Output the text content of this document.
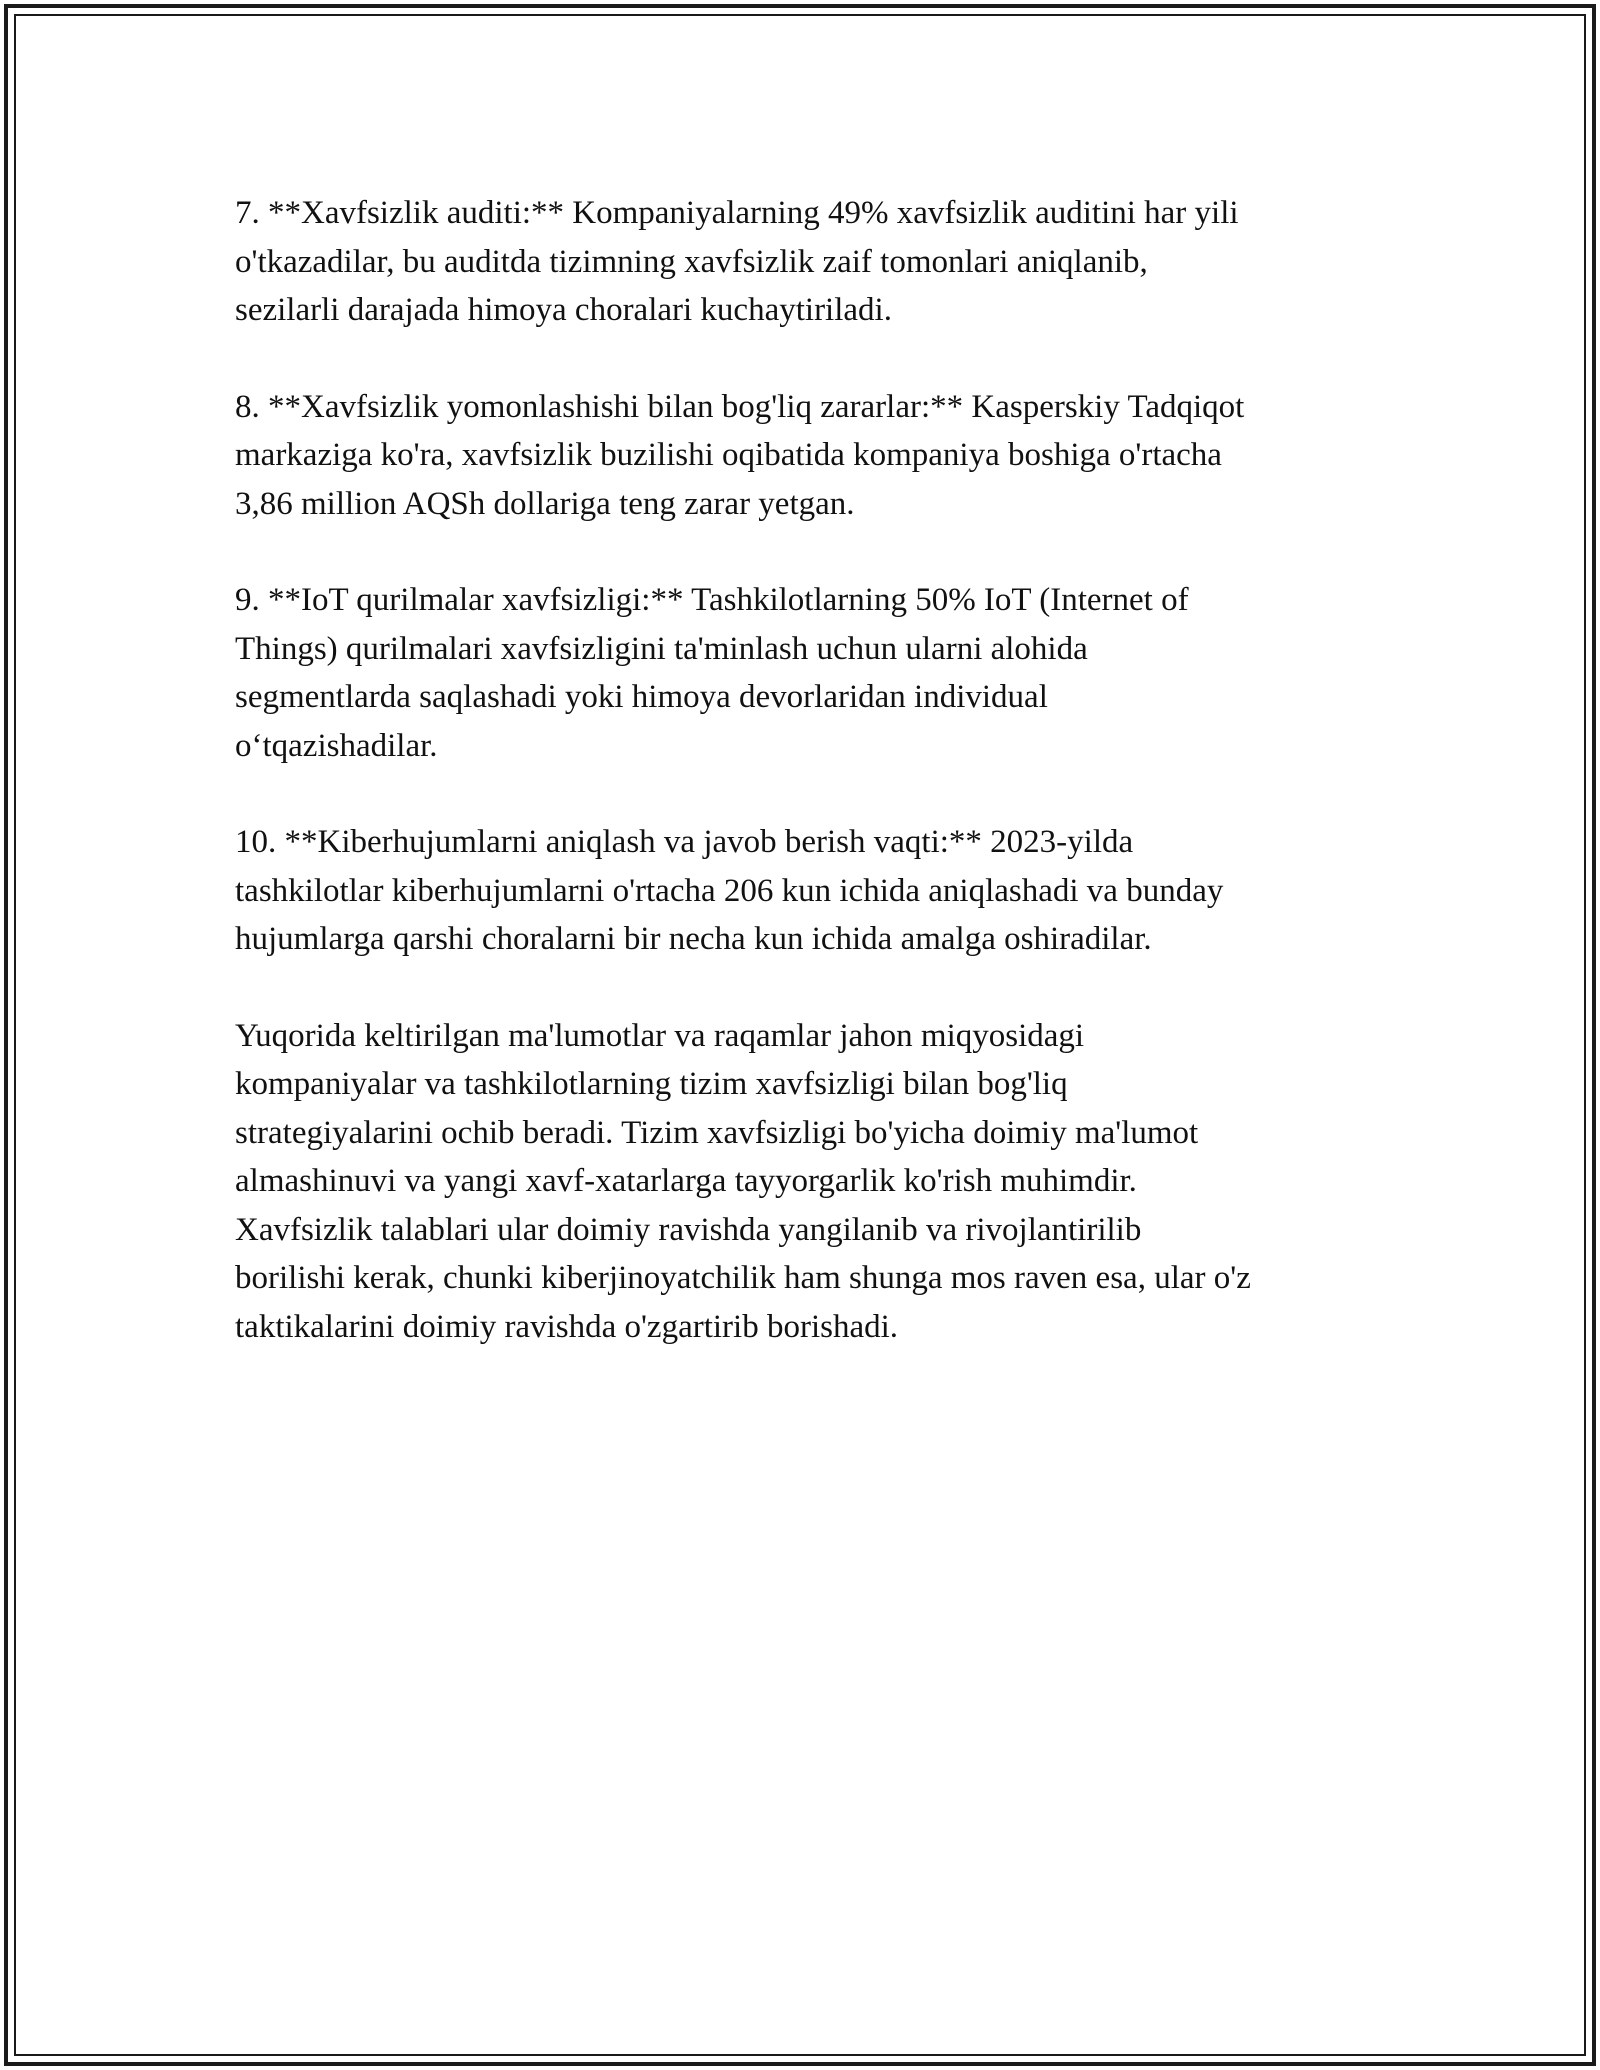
7. **Xavfsizlik auditi:** Kompaniyalarning 49% xavfsizlik auditini har yili
o'tkazadilar, bu auditda tizimning xavfsizlik zaif tomonlari aniqlanib,
sezilarli darajada himoya choralari kuchaytiriladi.

8. **Xavfsizlik yomonlashishi bilan bog'liq zararlar:** Kasperskiy Tadqiqot
markaziga ko'ra, xavfsizlik buzilishi oqibatida kompaniya boshiga o'rtacha
3,86 million AQSh dollariga teng zarar yetgan.

9. **IoT qurilmalar xavfsizligi:** Tashkilotlarning 50% IoT (Internet of
Things) qurilmalari xavfsizligini ta'minlash uchun ularni alohida
segmentlarda saqlashadi yoki himoya devorlaridan individual
o‘tqazishadilar.

10. **Kiberhujumlarni aniqlash va javob berish vaqti:** 2023-yilda
tashkilotlar kiberhujumlarni o'rtacha 206 kun ichida aniqlashadi va bunday
hujumlarga qarshi choralarni bir necha kun ichida amalga oshiradilar.

Yuqorida keltirilgan ma'lumotlar va raqamlar jahon miqyosidagi
kompaniyalar va tashkilotlarning tizim xavfsizligi bilan bog'liq
strategiyalarini ochib beradi. Tizim xavfsizligi bo'yicha doimiy ma'lumot
almashinuvi va yangi xavf-xatarlarga tayyorgarlik ko'rish muhimdir.
Xavfsizlik talablari ular doimiy ravishda yangilanib va rivojlantirilib
borilishi kerak, chunki kiberjinoyatchilik ham shunga mos raven esa, ular o'z
taktikalarini doimiy ravishda o'zgartirib borishadi.
